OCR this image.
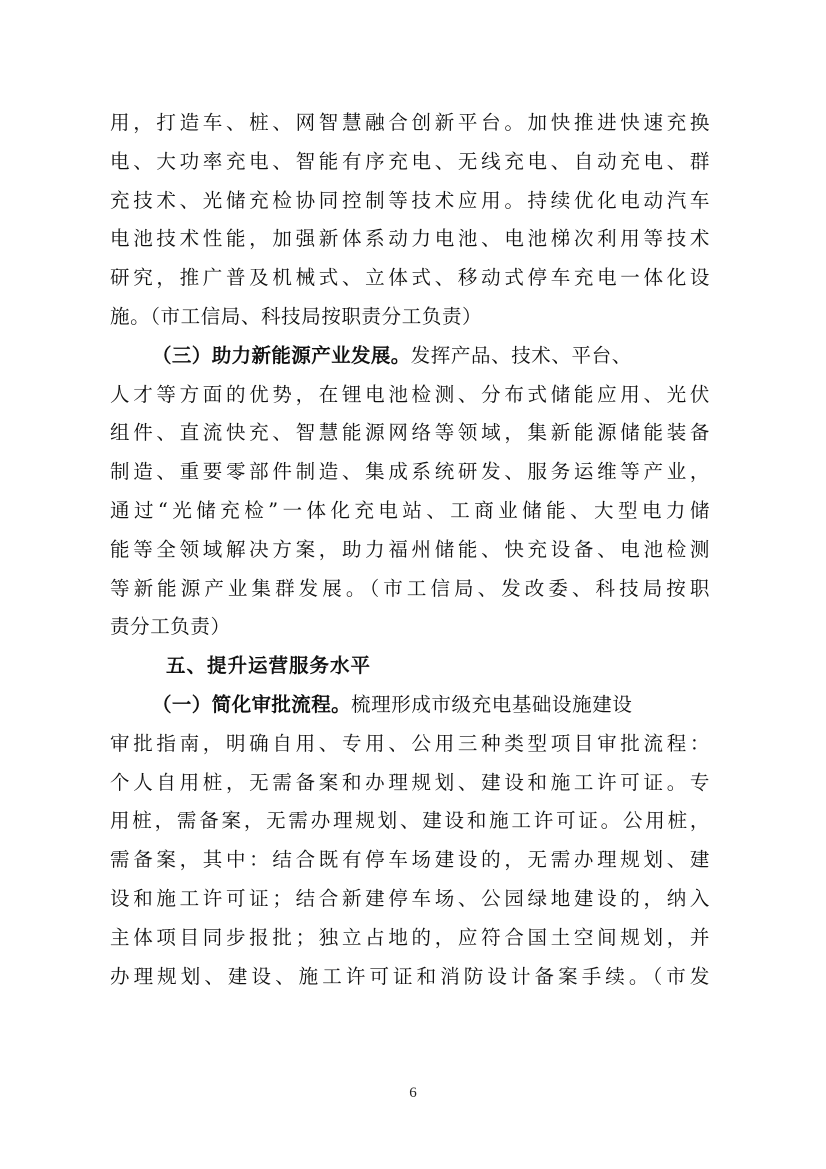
用，打造车、桩、网智慧融合创新平台。加快推进快速充换
电、大功率充电、智能有序充电、无线充电、自动充电、群
充技术、光储充检协同控制等技术应用。持续优化电动汽车
电池技术性能，加强新体系动力电池、电池梯次利用等技术
研究，推广普及机械式、立体式、移动式停车充电一体化设
施。（市工信局、科技局按职责分工负责）
（三）助力新能源产业发展。发挥产品、技术、平台、
人才等方面的优势，在锂电池检测、分布式储能应用、光伏
组件、直流快充、智慧能源网络等领域，集新能源储能装备
制造、重要零部件制造、集成系统研发、服务运维等产业，
通过“光储充检”一体化充电站、工商业储能、大型电力储
能等全领域解决方案，助力福州储能、快充设备、电池检测
等新能源产业集群发展。（市工信局、发改委、科技局按职
责分工负责）
五、提升运营服务水平
（一）简化审批流程。梳理形成市级充电基础设施建设
审批指南，明确自用、专用、公用三种类型项目审批流程：
个人自用桩，无需备案和办理规划、建设和施工许可证。专
用桩，需备案，无需办理规划、建设和施工许可证。公用桩，
需备案，其中：结合既有停车场建设的，无需办理规划、建
设和施工许可证；结合新建停车场、公园绿地建设的，纳入
主体项目同步报批；独立占地的，应符合国土空间规划，并
办理规划、建设、施工许可证和消防设计备案手续。（市发
6
